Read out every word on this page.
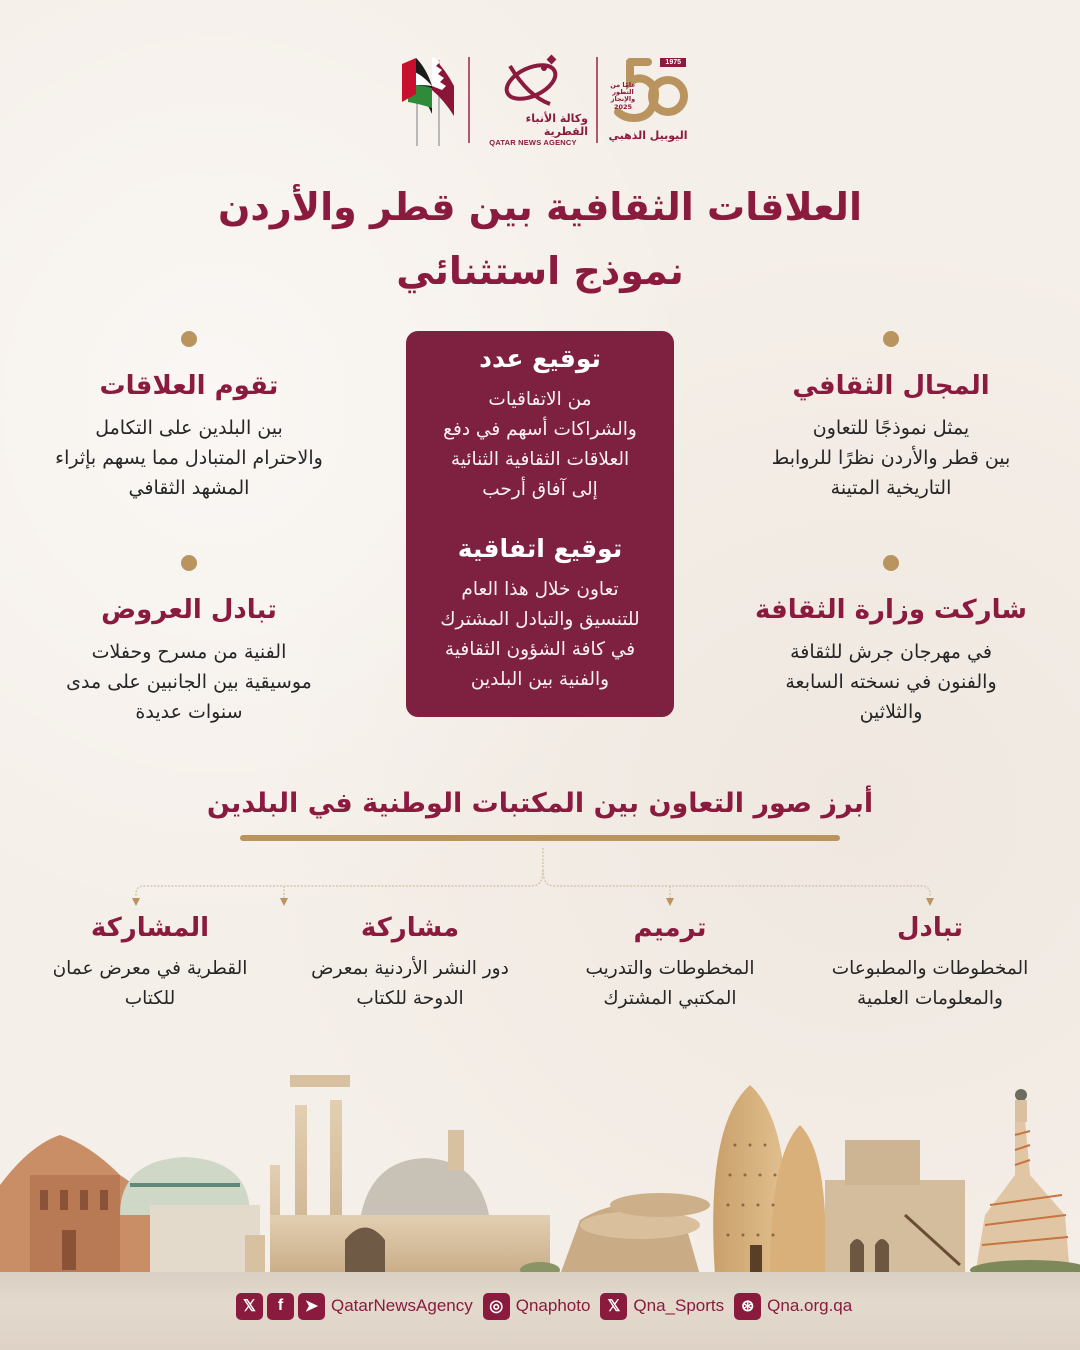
1975
عامًا من التطور والإنجاز
2025
اليوبيل الذهبي
وكالة الأنباء القطرية
QATAR NEWS AGENCY
العلاقات الثقافية بين قطر والأردن
نموذج استثنائي
المجال الثقافي
يمثل نموذجًا للتعاون
بين قطر والأردن نظرًا للروابط
التاريخية المتينة
شاركت وزارة الثقافة
في مهرجان جرش للثقافة
والفنون في نسخته السابعة
والثلاثين
تقوم العلاقات
بين البلدين على التكامل
والاحترام المتبادل مما يسهم بإثراء
المشهد الثقافي
تبادل العروض
الفنية من مسرح وحفلات
موسيقية بين الجانبين على مدى
سنوات عديدة
توقيع عدد
من الاتفاقيات
والشراكات أسهم في دفع
العلاقات الثقافية الثنائية
إلى آفاق أرحب
توقيع اتفاقية
تعاون خلال هذا العام
للتنسيق والتبادل المشترك
في كافة الشؤون الثقافية
والفنية بين البلدين
أبرز صور التعاون بين المكتبات الوطنية في البلدين
تبادل
المخطوطات والمطبوعات
والمعلومات العلمية
ترميم
المخطوطات والتدريب
المكتبي المشترك
مشاركة
دور النشر الأردنية بمعرض
الدوحة للكتاب
المشاركة
القطرية في معرض عمان
للكتاب
𝕏	f	➤ QatarNewsAgency	◎ Qnaphoto	𝕏 Qna_Sports	⊛ Qna.org.qa
